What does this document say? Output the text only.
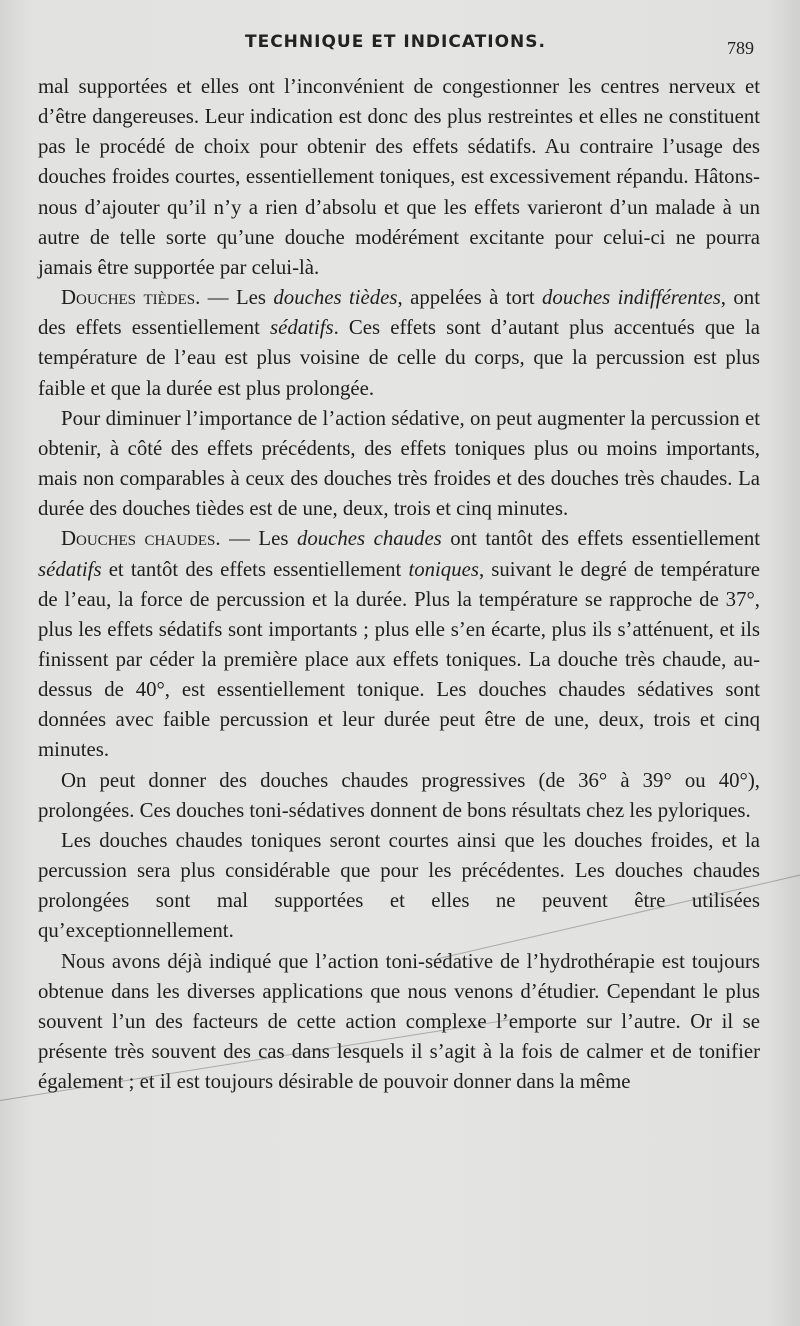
TECHNIQUE ET INDICATIONS.	789

mal supportées et elles ont l’inconvénient de congestionner les centres nerveux et d’être dangereuses. Leur indication est donc des plus restreintes et elles ne constituent pas le procédé de choix pour obtenir des effets sédatifs. Au contraire l’usage des douches froides courtes, essentiellement toniques, est excessivement répandu. Hâtons-nous d’ajouter qu’il n’y a rien d’absolu et que les effets varieront d’un malade à un autre de telle sorte qu’une douche modérément excitante pour celui-ci ne pourra jamais être supportée par celui-là.

Douches tièdes. — Les douches tièdes, appelées à tort douches indifférentes, ont des effets essentiellement sédatifs. Ces effets sont d’autant plus accentués que la température de l’eau est plus voisine de celle du corps, que la percussion est plus faible et que la durée est plus prolongée.

Pour diminuer l’importance de l’action sédative, on peut augmenter la percussion et obtenir, à côté des effets précédents, des effets toniques plus ou moins importants, mais non comparables à ceux des douches très froides et des douches très chaudes. La durée des douches tièdes est de une, deux, trois et cinq minutes.

Douches chaudes. — Les douches chaudes ont tantôt des effets essentiellement sédatifs et tantôt des effets essentiellement toniques, suivant le degré de température de l’eau, la force de percussion et la durée. Plus la température se rapproche de 37°, plus les effets sédatifs sont importants ; plus elle s’en écarte, plus ils s’atténuent, et ils finissent par céder la première place aux effets toniques. La douche très chaude, au-dessus de 40°, est essentiellement tonique. Les douches chaudes sédatives sont données avec faible percussion et leur durée peut être de une, deux, trois et cinq minutes.

On peut donner des douches chaudes progressives (de 36° à 39° ou 40°), prolongées. Ces douches toni-sédatives donnent de bons résultats chez les pyloriques.

Les douches chaudes toniques seront courtes ainsi que les douches froides, et la percussion sera plus considérable que pour les précédentes. Les douches chaudes prolongées sont mal supportées et elles ne peuvent être utilisées qu’exceptionnellement.

Nous avons déjà indiqué que l’action toni-sédative de l’hydrothérapie est toujours obtenue dans les diverses applications que nous venons d’étudier. Cependant le plus souvent l’un des facteurs de cette action complexe l’emporte sur l’autre. Or il se présente très souvent des cas dans lesquels il s’agit à la fois de calmer et de tonifier également ; et il est toujours désirable de pouvoir donner dans la même
